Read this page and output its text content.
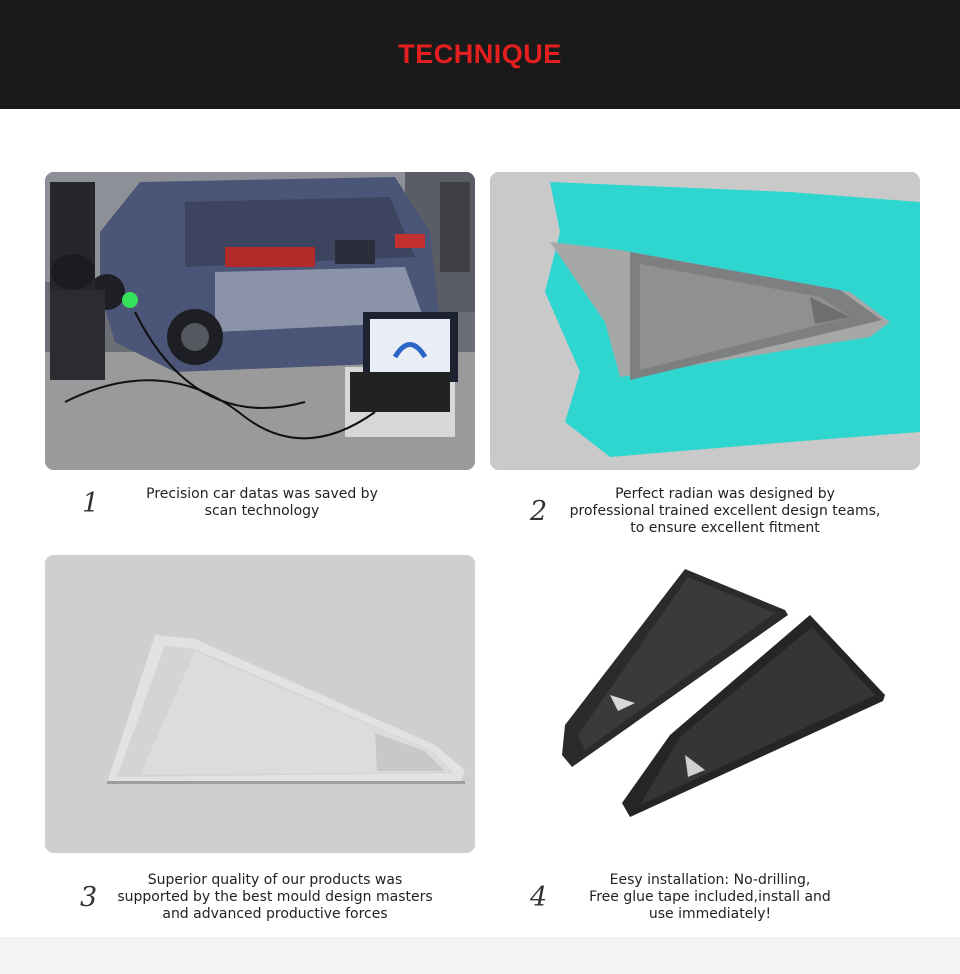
TECHNIQUE
1	Precision car datas was saved by
scan technology	2
Perfect radian was designed by
professional trained excellent design teams,
to ensure excellent fitment
3
Superior quality of our products was
supported by the best mould design masters
and advanced productive forces
4
Eesy installation: No-drilling,
Free glue tape included,install and
use immediately!
